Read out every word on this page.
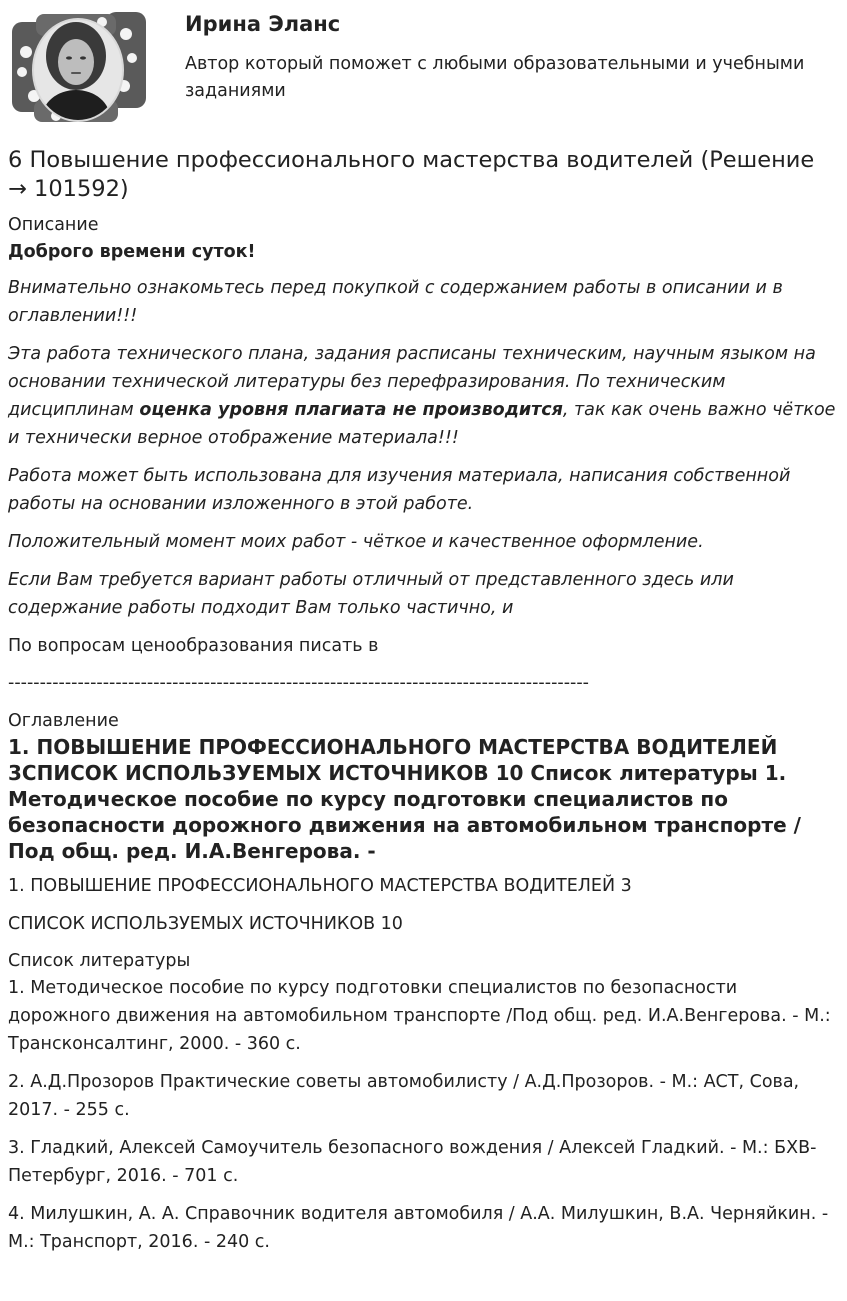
Ирина Эланс
Автор который поможет с любыми образовательными и учебными заданиями
6 Повышение профессионального мастерства водителей (Решение → 101592)

Описание

Доброго времени суток!

Внимательно ознакомьтесь перед покупкой с содержанием работы в описании и в оглавлении!!!

Эта работа технического плана, задания расписаны техническим, научным языком на основании технической литературы без перефразирования. По техническим дисциплинам оценка уровня плагиата не производится, так как очень важно чёткое и технически верное отображение материала!!!

Работа может быть использована для изучения материала, написания собственной работы на основании изложенного в этой работе.

Положительный момент моих работ - чёткое и качественное оформление.

Если Вам требуется вариант работы отличный от представленного здесь или содержание работы подходит Вам только частично, и

По вопросам ценообразования писать в

--------------------------------------------------------------------------------------------

Оглавление

1. ПОВЫШЕНИЕ ПРОФЕССИОНАЛЬНОГО МАСТЕРСТВА ВОДИТЕЛЕЙ 3СПИСОК ИСПОЛЬЗУЕМЫХ ИСТОЧНИКОВ 10 Список литературы 1. Методическое пособие по курсу подготовки специалистов по безопасности дорожного движения на автомобильном транспорте /Под общ. ред. И.А.Венгерова. -

1. ПОВЫШЕНИЕ ПРОФЕССИОНАЛЬНОГО МАСТЕРСТВА ВОДИТЕЛЕЙ 3

СПИСОК ИСПОЛЬЗУЕМЫХ ИСТОЧНИКОВ 10

Список литературы

1. Методическое пособие по курсу подготовки специалистов по безопасности дорожного движения на автомобильном транспорте /Под общ. ред. И.А.Венгерова. - М.: Трансконсалтинг, 2000. - 360 с.

2. А.Д.Прозоров Практические советы автомобилисту / А.Д.Прозоров. - М.: АСТ, Сова, 2017. - 255 с.

3. Гладкий, Алексей Самоучитель безопасного вождения / Алексей Гладкий. - М.: БХВ-Петербург, 2016. - 701 с.

4. Милушкин, А. А. Справочник водителя автомобиля / А.А. Милушкин, В.А. Черняйкин. - М.: Транспорт, 2016. - 240 с.
